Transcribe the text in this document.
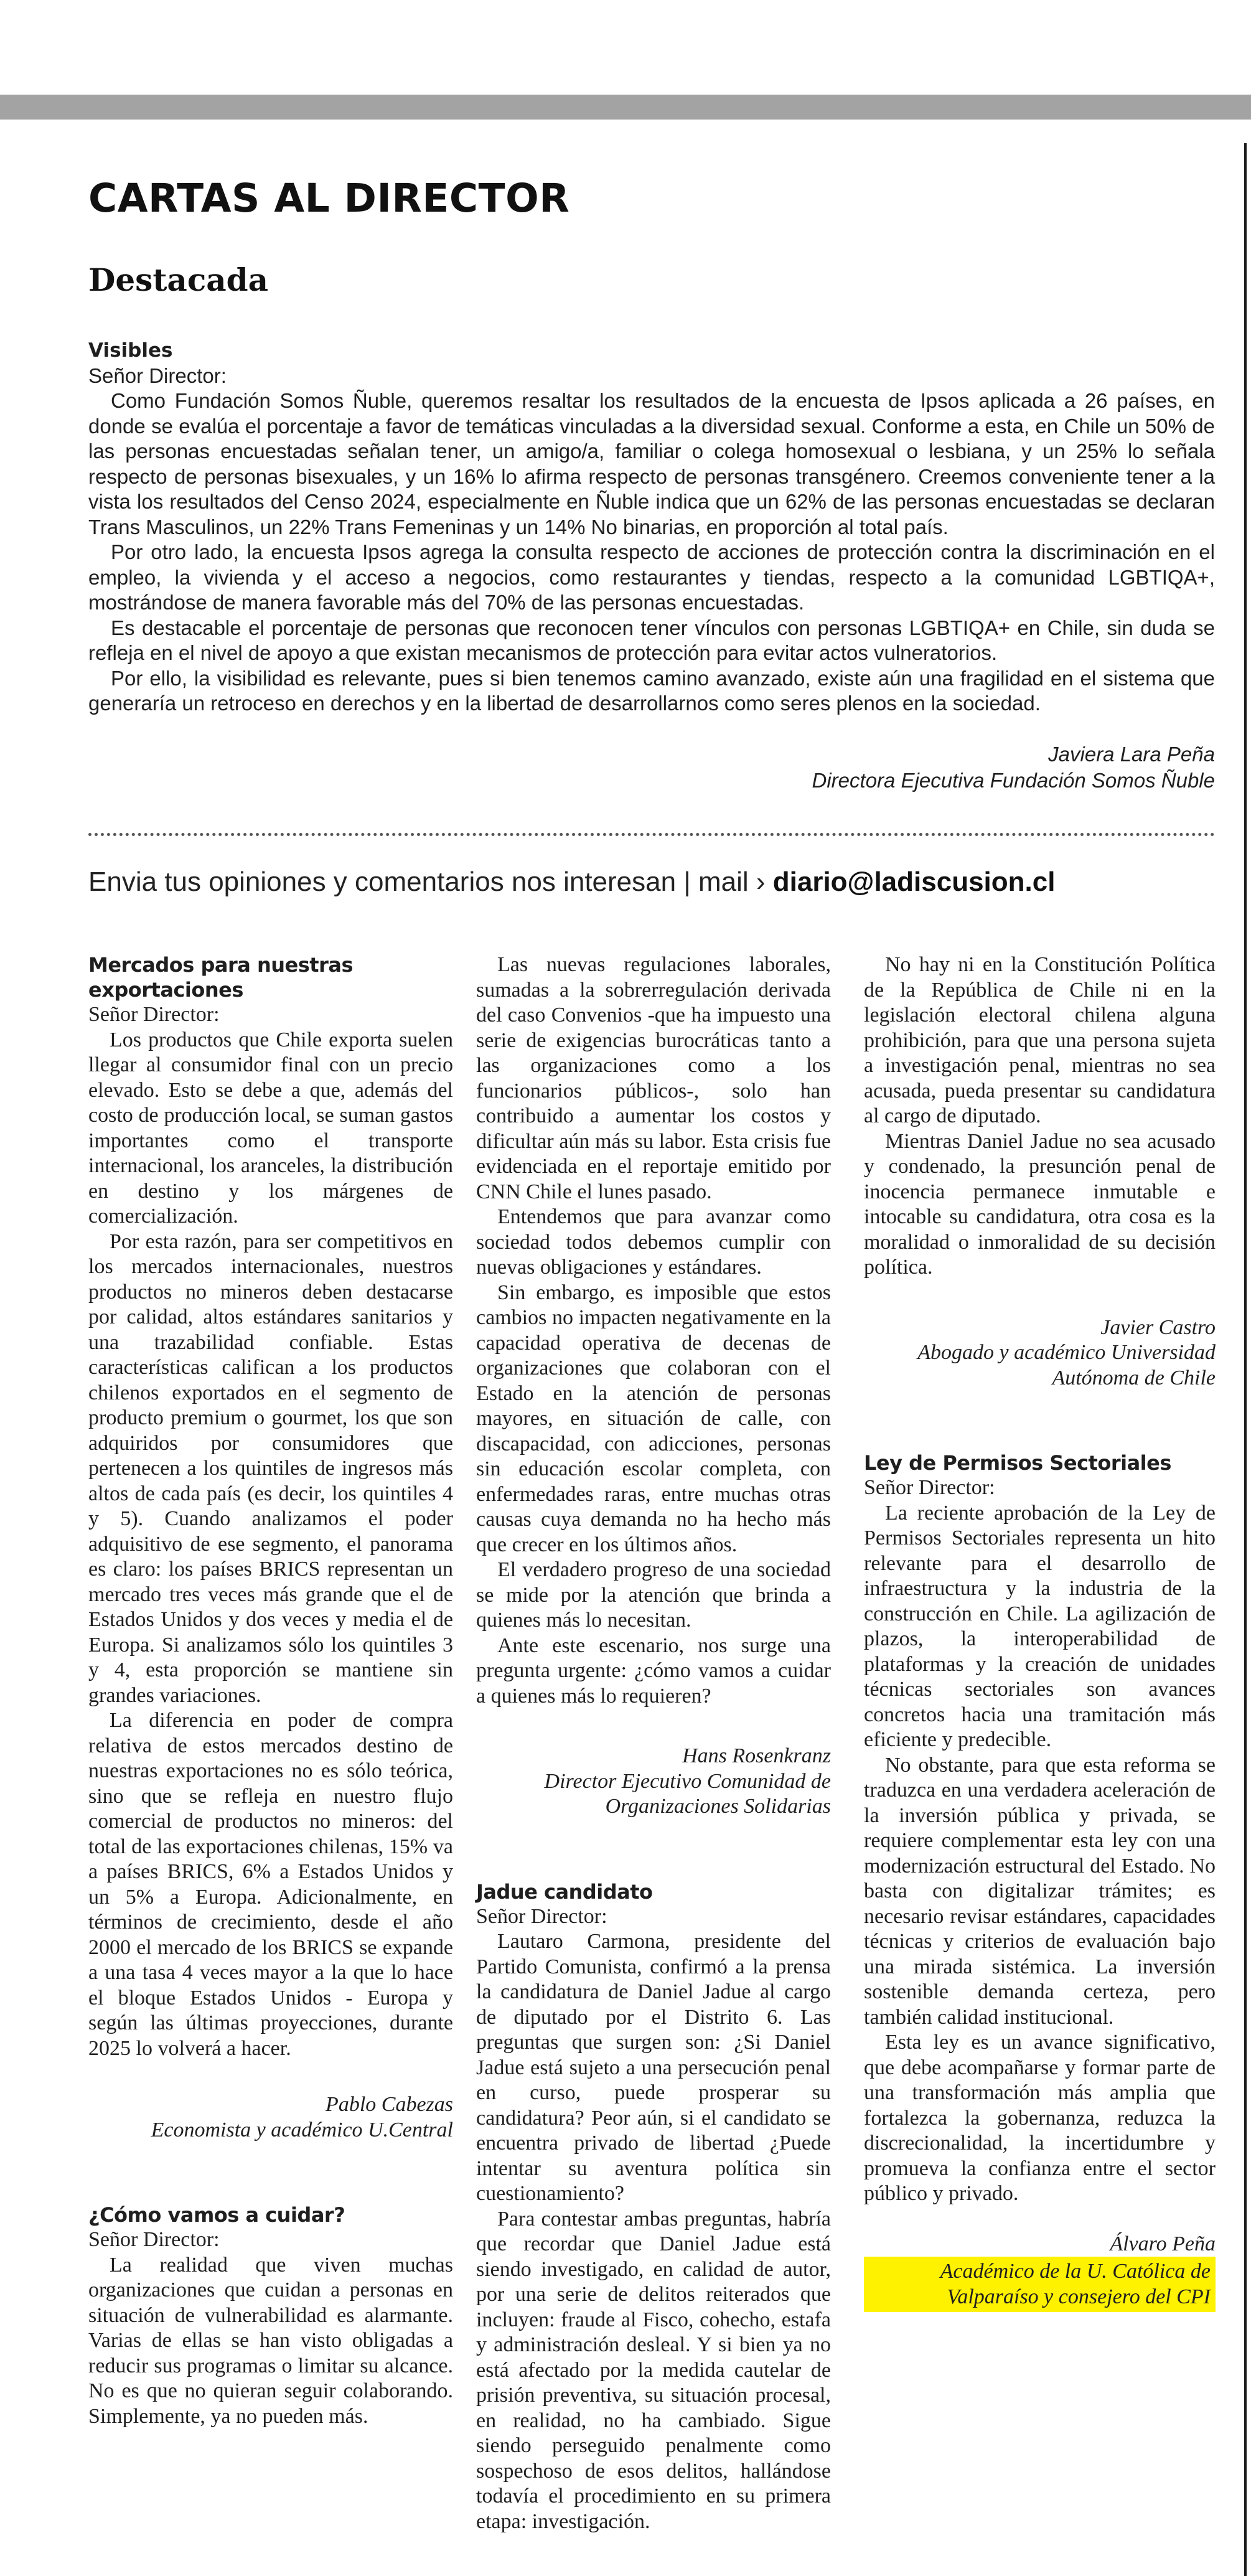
CARTAS AL DIRECTOR
Destacada
Visibles
Señor Director:

Como Fundación Somos Ñuble, queremos resaltar los resultados de la encuesta de Ipsos aplicada a 26 países, en donde se evalúa el porcentaje a favor de temáticas vinculadas a la diversidad sexual. Conforme a esta, en Chile un 50% de las personas encuestadas señalan tener, un amigo/a, familiar o colega homosexual o lesbiana, y un 25% lo señala respecto de personas bisexuales, y un 16% lo afirma respecto de personas transgénero. Creemos conveniente tener a la vista los resultados del Censo 2024, especialmente en Ñuble indica que un 62% de las personas encuestadas se declaran Trans Masculinos, un 22% Trans Femeninas y un 14% No binarias, en proporción al total país.

Por otro lado, la encuesta Ipsos agrega la consulta respecto de acciones de protección contra la discriminación en el empleo, la vivienda y el acceso a negocios, como restaurantes y tiendas, respecto a la comunidad LGBTIQA+, mostrándose de manera favorable más del 70% de las personas encuestadas.

Es destacable el porcentaje de personas que reconocen tener vínculos con personas LGBTIQA+ en Chile, sin duda se refleja en el nivel de apoyo a que existan mecanismos de protección para evitar actos vulneratorios.

Por ello, la visibilidad es relevante, pues si bien tenemos camino avanzado, existe aún una fragilidad en el sistema que generaría un retroceso en derechos y en la libertad de desarrollarnos como seres plenos en la sociedad.

Javiera Lara Peña
Directora Ejecutiva Fundación Somos Ñuble
Envia tus opiniones y comentarios nos interesan | mail › diario@ladiscusion.cl
Mercados para nuestras exportaciones
Señor Director:

Los productos que Chile exporta suelen llegar al consumidor final con un precio elevado. Esto se debe a que, además del costo de producción local, se suman gastos importantes como el transporte internacional, los aranceles, la distribución en destino y los márgenes de comercialización.

Por esta razón, para ser competitivos en los mercados internacionales, nuestros productos no mineros deben destacarse por calidad, altos estándares sanitarios y una trazabilidad confiable. Estas características califican a los productos chilenos exportados en el segmento de producto premium o gourmet, los que son adquiridos por consumidores que pertenecen a los quintiles de ingresos más altos de cada país (es decir, los quintiles 4 y 5). Cuando analizamos el poder adquisitivo de ese segmento, el panorama es claro: los países BRICS representan un mercado tres veces más grande que el de Estados Unidos y dos veces y media el de Europa. Si analizamos sólo los quintiles 3 y 4, esta proporción se mantiene sin grandes variaciones.

La diferencia en poder de compra relativa de estos mercados destino de nuestras exportaciones no es sólo teórica, sino que se refleja en nuestro flujo comercial de productos no mineros: del total de las exportaciones chilenas, 15% va a países BRICS, 6% a Estados Unidos y un 5% a Europa. Adicionalmente, en términos de crecimiento, desde el año 2000 el mercado de los BRICS se expande a una tasa 4 veces mayor a la que lo hace el bloque Estados Unidos - Europa y según las últimas proyecciones, durante 2025 lo volverá a hacer.

Pablo Cabezas
Economista y académico U.Central
¿Cómo vamos a cuidar?
Señor Director:

La realidad que viven muchas organizaciones que cuidan a personas en situación de vulnerabilidad es alarmante. Varias de ellas se han visto obligadas a reducir sus programas o limitar su alcance. No es que no quieran seguir colaborando. Simplemente, ya no pueden más.

Las nuevas regulaciones laborales, sumadas a la sobrerregulación derivada del caso Convenios -que ha impuesto una serie de exigencias burocráticas tanto a las organizaciones como a los funcionarios públicos-, solo han contribuido a aumentar los costos y dificultar aún más su labor. Esta crisis fue evidenciada en el reportaje emitido por CNN Chile el lunes pasado.

Entendemos que para avanzar como sociedad todos debemos cumplir con nuevas obligaciones y estándares.

Sin embargo, es imposible que estos cambios no impacten negativamente en la capacidad operativa de decenas de organizaciones que colaboran con el Estado en la atención de personas mayores, en situación de calle, con discapacidad, con adicciones, personas sin educación escolar completa, con enfermedades raras, entre muchas otras causas cuya demanda no ha hecho más que crecer en los últimos años.

El verdadero progreso de una sociedad se mide por la atención que brinda a quienes más lo necesitan.

Ante este escenario, nos surge una pregunta urgente: ¿cómo vamos a cuidar a quienes más lo requieren?

Hans Rosenkranz
Director Ejecutivo Comunidad de Organizaciones Solidarias
Jadue candidato
Señor Director:

Lautaro Carmona, presidente del Partido Comunista, confirmó a la prensa la candidatura de Daniel Jadue al cargo de diputado por el Distrito 6. Las preguntas que surgen son: ¿Si Daniel Jadue está sujeto a una persecución penal en curso, puede prosperar su candidatura? Peor aún, si el candidato se encuentra privado de libertad ¿Puede intentar su aventura política sin cuestionamiento?

Para contestar ambas preguntas, habría que recordar que Daniel Jadue está siendo investigado, en calidad de autor, por una serie de delitos reiterados que incluyen: fraude al Fisco, cohecho, estafa y administración desleal. Y si bien ya no está afectado por la medida cautelar de prisión preventiva, su situación procesal, en realidad, no ha cambiado. Sigue siendo perseguido penalmente como sospechoso de esos delitos, hallándose todavía el procedimiento en su primera etapa: investigación.

No hay ni en la Constitución Política de la República de Chile ni en la legislación electoral chilena alguna prohibición, para que una persona sujeta a investigación penal, mientras no sea acusada, pueda presentar su candidatura al cargo de diputado.

Mientras Daniel Jadue no sea acusado y condenado, la presunción penal de inocencia permanece inmutable e intocable su candidatura, otra cosa es la moralidad o inmoralidad de su decisión política.

Javier Castro
Abogado y académico Universidad Autónoma de Chile
Ley de Permisos Sectoriales
Señor Director:

La reciente aprobación de la Ley de Permisos Sectoriales representa un hito relevante para el desarrollo de infraestructura y la industria de la construcción en Chile. La agilización de plazos, la interoperabilidad de plataformas y la creación de unidades técnicas sectoriales son avances concretos hacia una tramitación más eficiente y predecible.

No obstante, para que esta reforma se traduzca en una verdadera aceleración de la inversión pública y privada, se requiere complementar esta ley con una modernización estructural del Estado. No basta con digitalizar trámites; es necesario revisar estándares, capacidades técnicas y criterios de evaluación bajo una mirada sistémica. La inversión sostenible demanda certeza, pero también calidad institucional.

Esta ley es un avance significativo, que debe acompañarse y formar parte de una transformación más amplia que fortalezca la gobernanza, reduzca la discrecionalidad, la incertidumbre y promueva la confianza entre el sector público y privado.

Álvaro Peña
Académico de la U. Católica de Valparaíso y consejero del CPI
